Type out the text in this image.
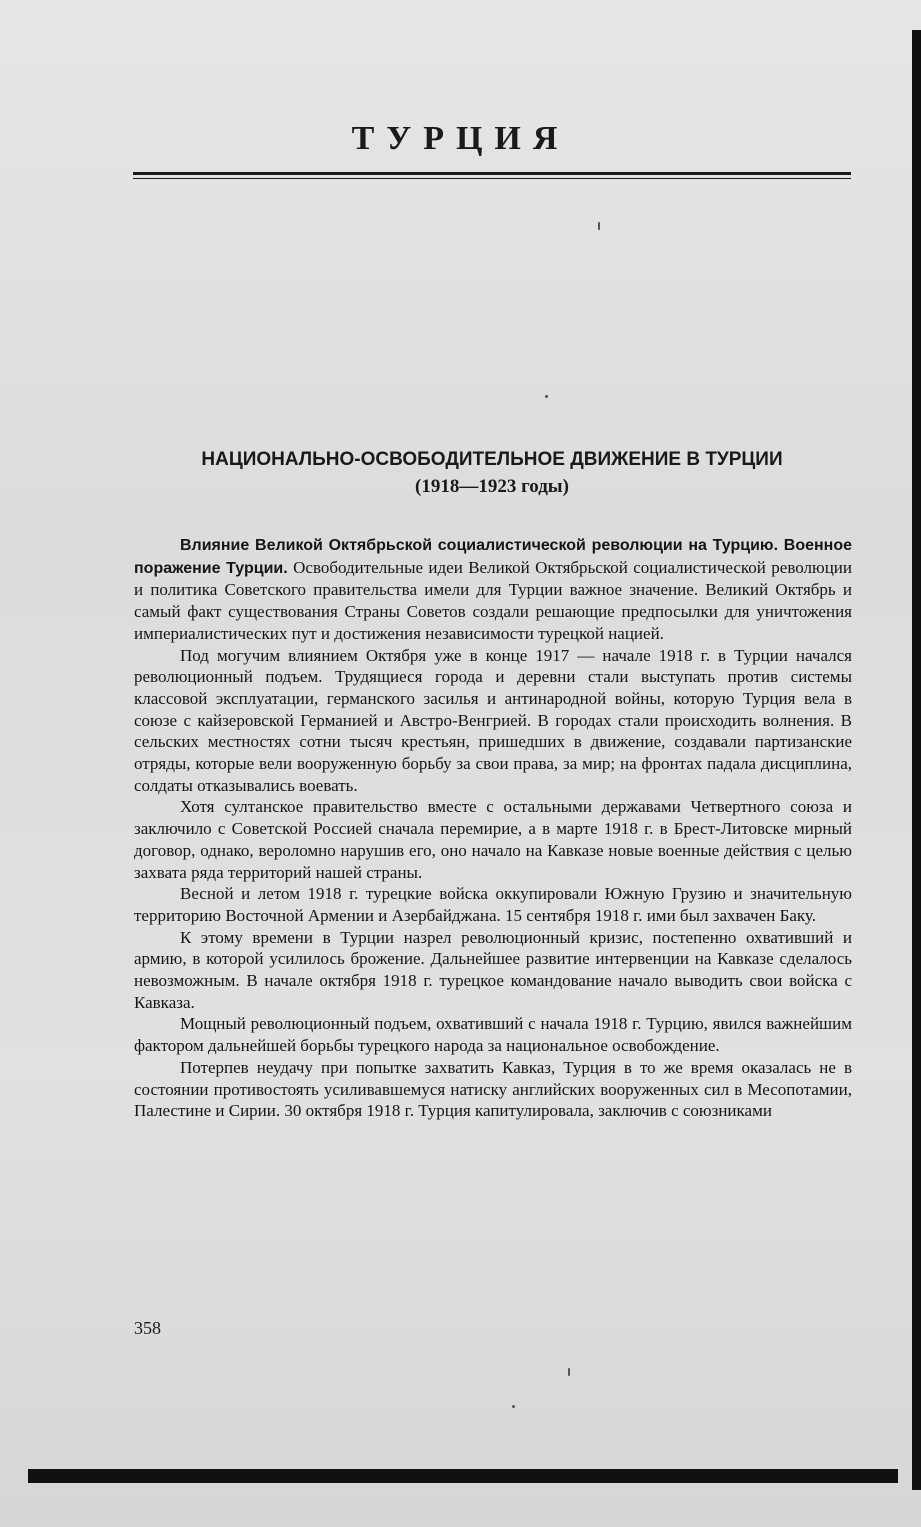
ТУРЦИЯ
НАЦИОНАЛЬНО-ОСВОБОДИТЕЛЬНОЕ ДВИЖЕНИЕ В ТУРЦИИ
(1918—1923 годы)

Влияние Великой Октябрьской социалистической революции на Турцию. Военное поражение Турции. Освободительные идеи Великой Октябрьской социалистической революции и политика Советского правительства имели для Турции важное значение. Великий Октябрь и самый факт существования Страны Советов создали решающие предпосылки для уничтожения империалистических пут и достижения независимости турецкой нацией.

Под могучим влиянием Октября уже в конце 1917 — начале 1918 г. в Турции начался революционный подъем. Трудящиеся города и деревни стали выступать против системы классовой эксплуатации, германского засилья и антинародной войны, которую Турция вела в союзе с кайзеровской Германией и Австро-Венгрией. В городах стали происходить волнения. В сельских местностях сотни тысяч крестьян, пришедших в движение, создавали партизанские отряды, которые вели вооруженную борьбу за свои права, за мир; на фронтах падала дисциплина, солдаты отказывались воевать.

Хотя султанское правительство вместе с остальными державами Четвертного союза и заключило с Советской Россией сначала перемирие, а в марте 1918 г. в Брест-Литовске мирный договор, однако, вероломно нарушив его, оно начало на Кавказе новые военные действия с целью захвата ряда территорий нашей страны.

Весной и летом 1918 г. турецкие войска оккупировали Южную Грузию и значительную территорию Восточной Армении и Азербайджана. 15 сентября 1918 г. ими был захвачен Баку.

К этому времени в Турции назрел революционный кризис, постепенно охвативший и армию, в которой усилилось брожение. Дальнейшее развитие интервенции на Кавказе сделалось невозможным. В начале октября 1918 г. турецкое командование начало выводить свои войска с Кавказа.

Мощный революционный подъем, охвативший с начала 1918 г. Турцию, явился важнейшим фактором дальнейшей борьбы турецкого народа за национальное освобождение.

Потерпев неудачу при попытке захватить Кавказ, Турция в то же время оказалась не в состоянии противостоять усиливавшемуся натиску английских вооруженных сил в Месопотамии, Палестине и Сирии. 30 октября 1918 г. Турция капитулировала, заключив с союзниками

358
